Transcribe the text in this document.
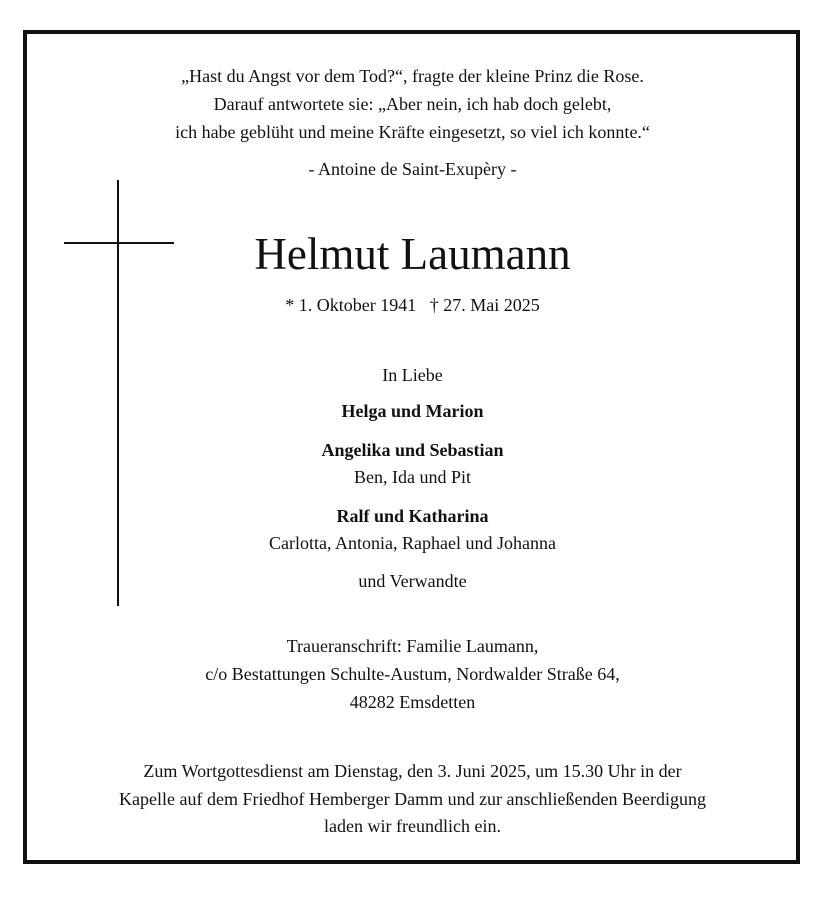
„Hast du Angst vor dem Tod?“, fragte der kleine Prinz die Rose.
Darauf antwortete sie: „Aber nein, ich hab doch gelebt,
ich habe geblüht und meine Kräfte eingesetzt, so viel ich konnte.“
- Antoine de Saint-Exupèry -
Helmut Laumann
* 1. Oktober 1941   † 27. Mai 2025
In Liebe
Helga und Marion
Angelika und Sebastian
Ben, Ida und Pit
Ralf und Katharina
Carlotta, Antonia, Raphael und Johanna
und Verwandte
Traueranschrift: Familie Laumann,
c/o Bestattungen Schulte-Austum, Nordwalder Straße 64,
48282 Emsdetten
Zum Wortgottesdienst am Dienstag, den 3. Juni 2025, um 15.30 Uhr in der
Kapelle auf dem Friedhof Hemberger Damm und zur anschließenden Beerdigung
laden wir freundlich ein.
